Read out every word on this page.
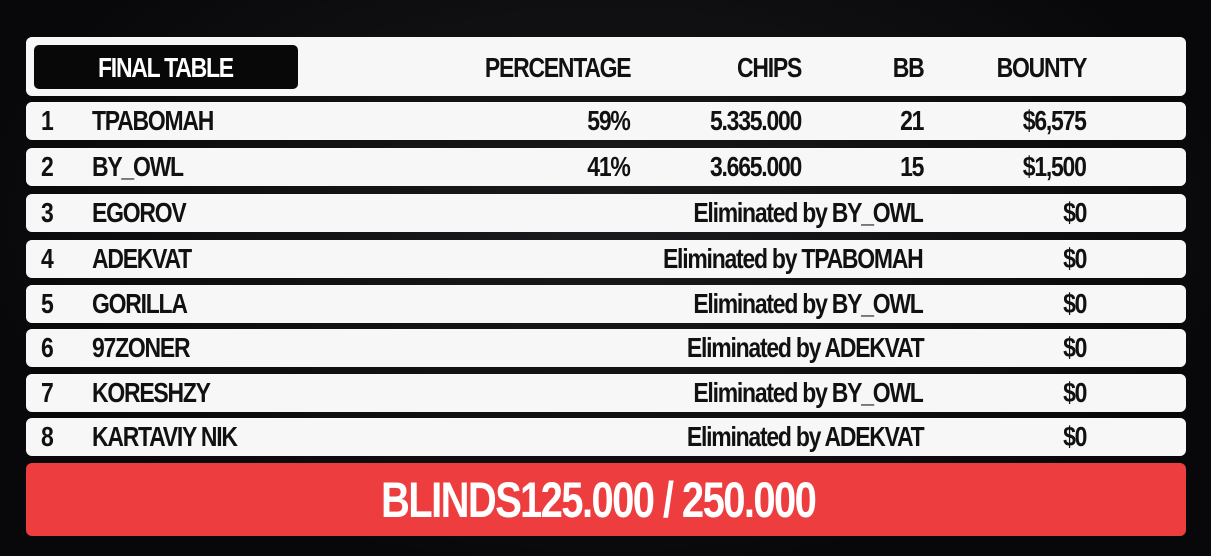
FINAL TABLE	PERCENTAGE	CHIPS	BB	BOUNTY
1 TPABOMAH	59%	5.335.000	21	$6,575
2 BY_OWL	41%	3.665.000	15	$1,500
3 EGOROV	Eliminated by BY_OWL	$0
4 ADEKVAT	Eliminated by TPABOMAH	$0
5 GORILLA	Eliminated by BY_OWL	$0
6 97ZONER	Eliminated by ADEKVAT	$0
7 KORESHZY	Eliminated by BY_OWL	$0
8 KARTAVIY NIK	Eliminated by ADEKVAT	$0
BLINDS 125.000 / 250.000
